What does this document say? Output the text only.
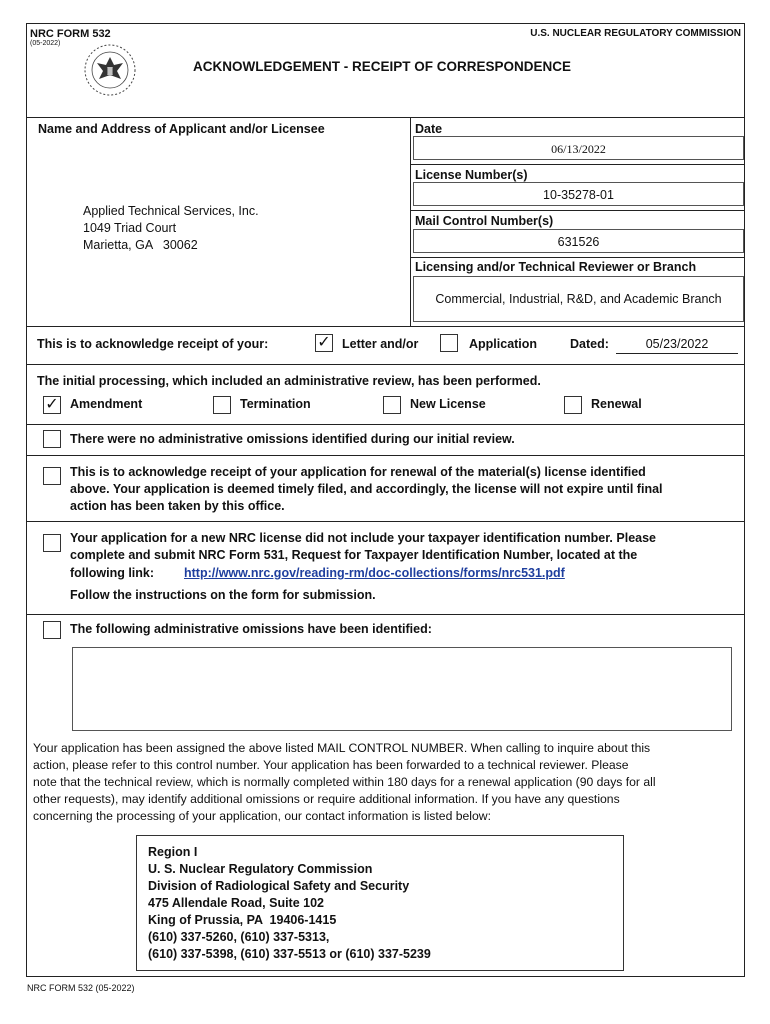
NRC FORM 532
(05-2022)
U.S. NUCLEAR REGULATORY COMMISSION
ACKNOWLEDGEMENT - RECEIPT OF CORRESPONDENCE
Name and Address of Applicant and/or Licensee
Applied Technical Services, Inc.
1049 Triad Court
Marietta, GA   30062
Date
06/13/2022
License Number(s)
10-35278-01
Mail Control Number(s)
631526
Licensing and/or Technical Reviewer or Branch
Commercial, Industrial, R&D, and Academic Branch
This is to acknowledge receipt of your:	✓ Letter and/or	Application	Dated:	05/23/2022
The initial processing, which included an administrative review, has been performed.
✓ Amendment	Termination	New License	Renewal
There were no administrative omissions identified during our initial review.
This is to acknowledge receipt of your application for renewal of the material(s) license identified
above. Your application is deemed timely filed, and accordingly, the license will not expire until final
action has been taken by this office.
Your application for a new NRC license did not include your taxpayer identification number. Please
complete and submit NRC Form 531, Request for Taxpayer Identification Number, located at the
following link: http://www.nrc.gov/reading-rm/doc-collections/forms/nrc531.pdf
Follow the instructions on the form for submission.
The following administrative omissions have been identified:
Your application has been assigned the above listed MAIL CONTROL NUMBER. When calling to inquire about this
action, please refer to this control number. Your application has been forwarded to a technical reviewer. Please
note that the technical review, which is normally completed within 180 days for a renewal application (90 days for all
other requests), may identify additional omissions or require additional information. If you have any questions
concerning the processing of your application, our contact information is listed below:
Region I
U. S. Nuclear Regulatory Commission
Division of Radiological Safety and Security
475 Allendale Road, Suite 102
King of Prussia, PA  19406-1415
(610) 337-5260, (610) 337-5313,
(610) 337-5398, (610) 337-5513 or (610) 337-5239
NRC FORM 532 (05-2022)
